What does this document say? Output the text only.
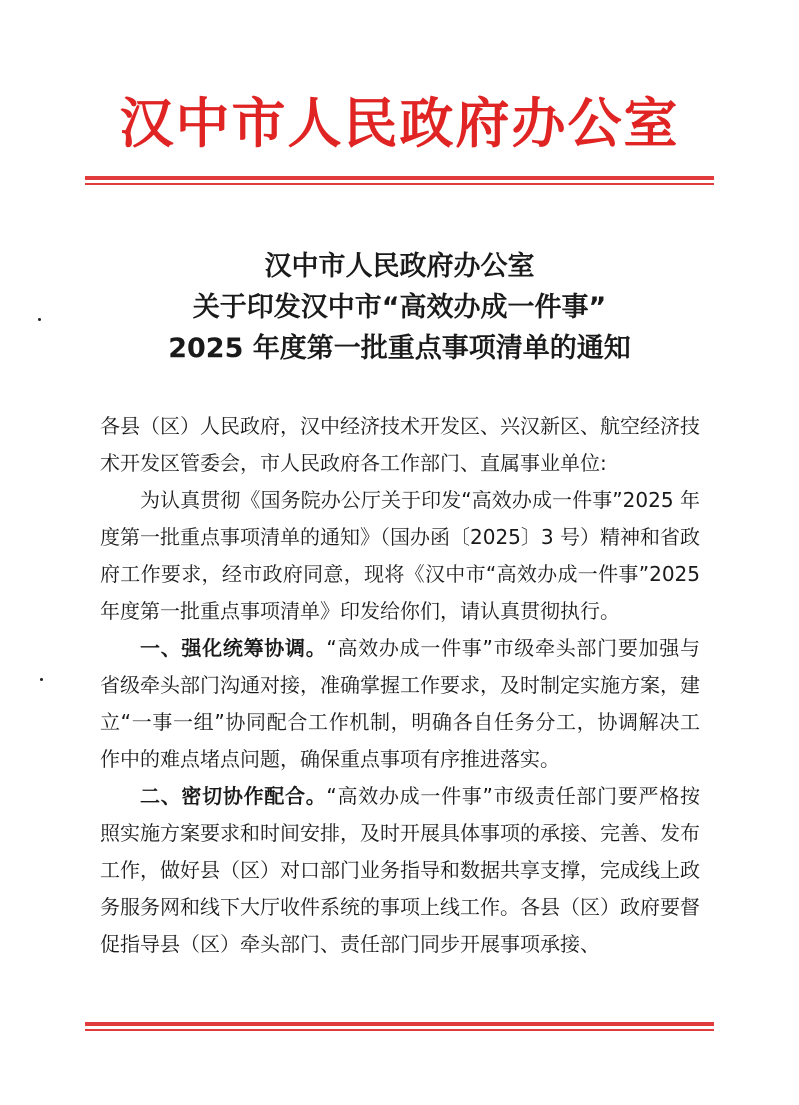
汉中市人民政府办公室
汉中市人民政府办公室
关于印发汉中市“高效办成一件事”
2025 年度第一批重点事项清单的通知

各县（区）人民政府，汉中经济技术开发区、兴汉新区、航空经济技术开发区管委会，市人民政府各工作部门、直属事业单位:

为认真贯彻《国务院办公厅关于印发“高效办成一件事”2025 年度第一批重点事项清单的通知》（国办函〔2025〕3 号）精神和省政府工作要求，经市政府同意，现将《汉中市“高效办成一件事”2025 年度第一批重点事项清单》印发给你们，请认真贯彻执行。

一、强化统筹协调。“高效办成一件事”市级牵头部门要加强与省级牵头部门沟通对接，准确掌握工作要求，及时制定实施方案，建立“一事一组”协同配合工作机制，明确各自任务分工，协调解决工作中的难点堵点问题，确保重点事项有序推进落实。

二、密切协作配合。“高效办成一件事”市级责任部门要严格按照实施方案要求和时间安排，及时开展具体事项的承接、完善、发布工作，做好县（区）对口部门业务指导和数据共享支撑，完成线上政务服务网和线下大厅收件系统的事项上线工作。各县（区）政府要督促指导县（区）牵头部门、责任部门同步开展事项承接、
